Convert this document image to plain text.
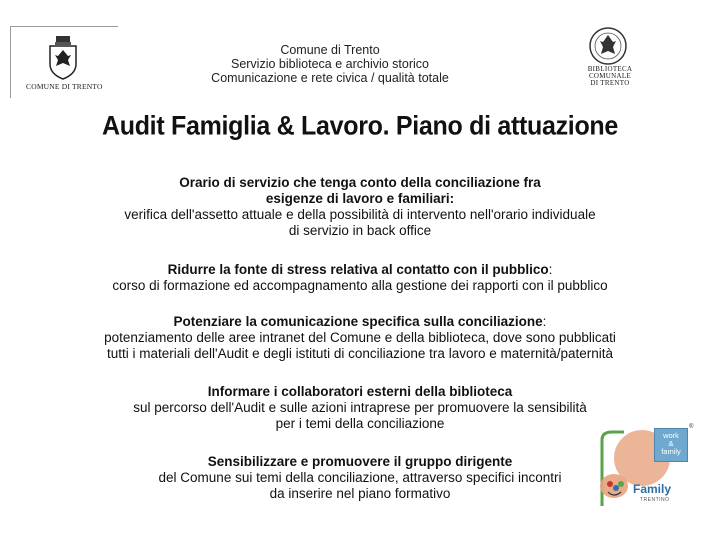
COMUNE DI TRENTO
Comune di Trento
Servizio biblioteca e archivio storico
Comunicazione e rete civica / qualità totale
BIBLIOTECA
COMUNALE
DI TRENTO
Audit Famiglia & Lavoro. Piano di attuazione
Orario di servizio che tenga conto della conciliazione fra
esigenze di lavoro e familiari:
verifica dell'assetto attuale e della possibilità di intervento nell'orario individuale
di servizio in back office
Ridurre la fonte di stress relativa al contatto con il pubblico:
corso di formazione ed accompagnamento alla gestione dei rapporti con il pubblico
Potenziare la comunicazione specifica sulla conciliazione:
potenziamento delle aree intranet del Comune e della biblioteca, dove sono pubblicati
tutti i materiali dell'Audit e degli istituti di conciliazione tra lavoro e maternità/paternità
Informare i collaboratori esterni della biblioteca
sul percorso dell'Audit e sulle azioni intraprese per promuovere la sensibilità
per i temi della conciliazione
Sensibilizzare e promuovere il gruppo dirigente
del Comune sui temi della conciliazione, attraverso specifici incontri
da inserire nel piano formativo	Family
TRENTINO
work
&
family
®
